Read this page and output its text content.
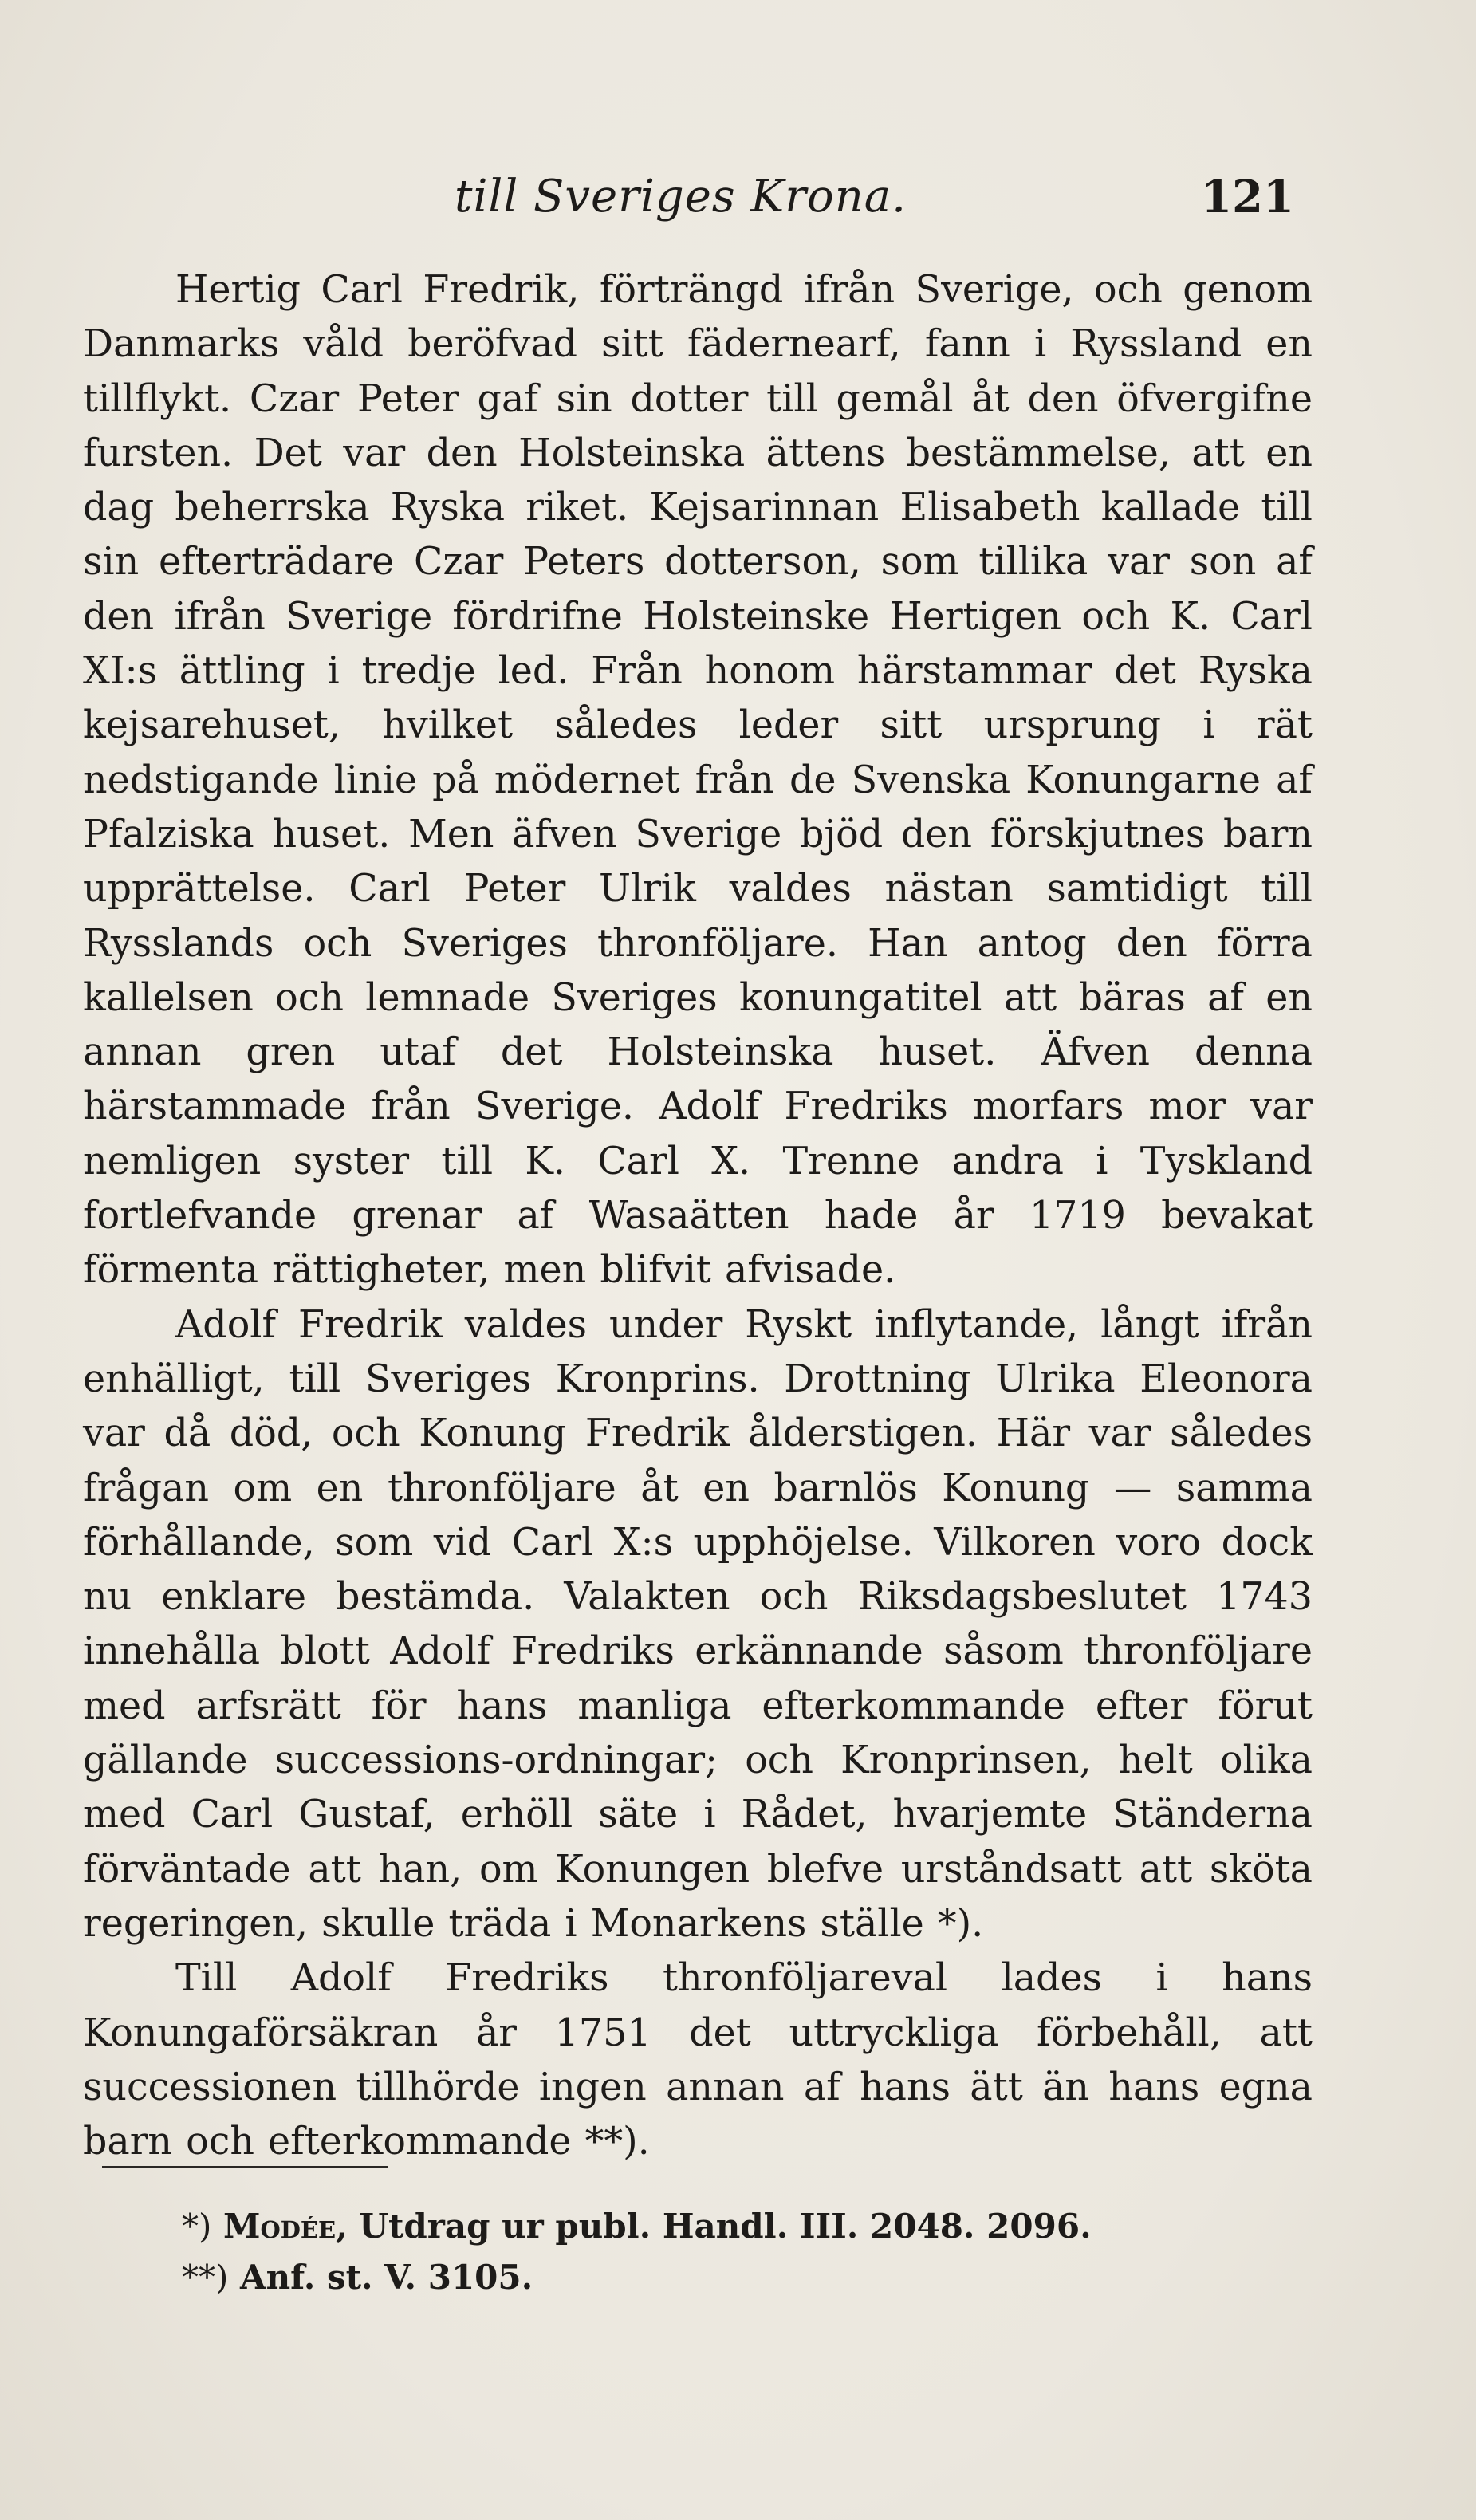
till Sveriges Krona.	121

Hertig Carl Fredrik, förträngd ifrån Sverige, och genom Danmarks våld beröfvad sitt fädernearf, fann i Ryssland en tillflykt. Czar Peter gaf sin dotter till gemål åt den öfvergifne fursten. Det var den Holsteinska ättens bestämmelse, att en dag beherrska Ryska riket. Kejsarinnan Elisabeth kallade till sin efterträdare Czar Peters dotterson, som tillika var son af den ifrån Sverige fördrifne Holsteinske Hertigen och K. Carl XI:s ättling i tredje led. Från honom härstammar det Ryska kejsarehuset, hvilket således leder sitt ursprung i rät nedstigande linie på mödernet från de Svenska Konungarne af Pfalziska huset. Men äfven Sverige bjöd den förskjutnes barn upprättelse. Carl Peter Ulrik valdes nästan samtidigt till Rysslands och Sveriges thronföljare. Han antog den förra kallelsen och lemnade Sveriges konungatitel att bäras af en annan gren utaf det Holsteinska huset. Äfven denna härstammade från Sverige. Adolf Fredriks morfars mor var nemligen syster till K. Carl X. Trenne andra i Tyskland fortlefvande grenar af Wasaätten hade år 1719 bevakat förmenta rättigheter, men blifvit afvisade.

Adolf Fredrik valdes under Ryskt inflytande, långt ifrån enhälligt, till Sveriges Kronprins. Drottning Ulrika Eleonora var då död, och Konung Fredrik ålderstigen. Här var således frågan om en thronföljare åt en barnlös Konung — samma förhållande, som vid Carl X:s upphöjelse. Vilkoren voro dock nu enklare bestämda. Valakten och Riksdagsbeslutet 1743 innehålla blott Adolf Fredriks erkännande såsom thronföljare med arfsrätt för hans manliga efterkommande efter förut gällande successions-ordningar; och Kronprinsen, helt olika med Carl Gustaf, erhöll säte i Rådet, hvarjemte Ständerna förväntade att han, om Konungen blefve urståndsatt att sköta regeringen, skulle träda i Monarkens ställe *).

Till Adolf Fredriks thronföljareval lades i hans Konungaförsäkran år 1751 det uttryckliga förbehåll, att successionen tillhörde ingen annan af hans ätt än hans egna barn och efterkommande **).

*) Modée, Utdrag ur publ. Handl. III. 2048. 2096.
**) Anf. st. V. 3105.
